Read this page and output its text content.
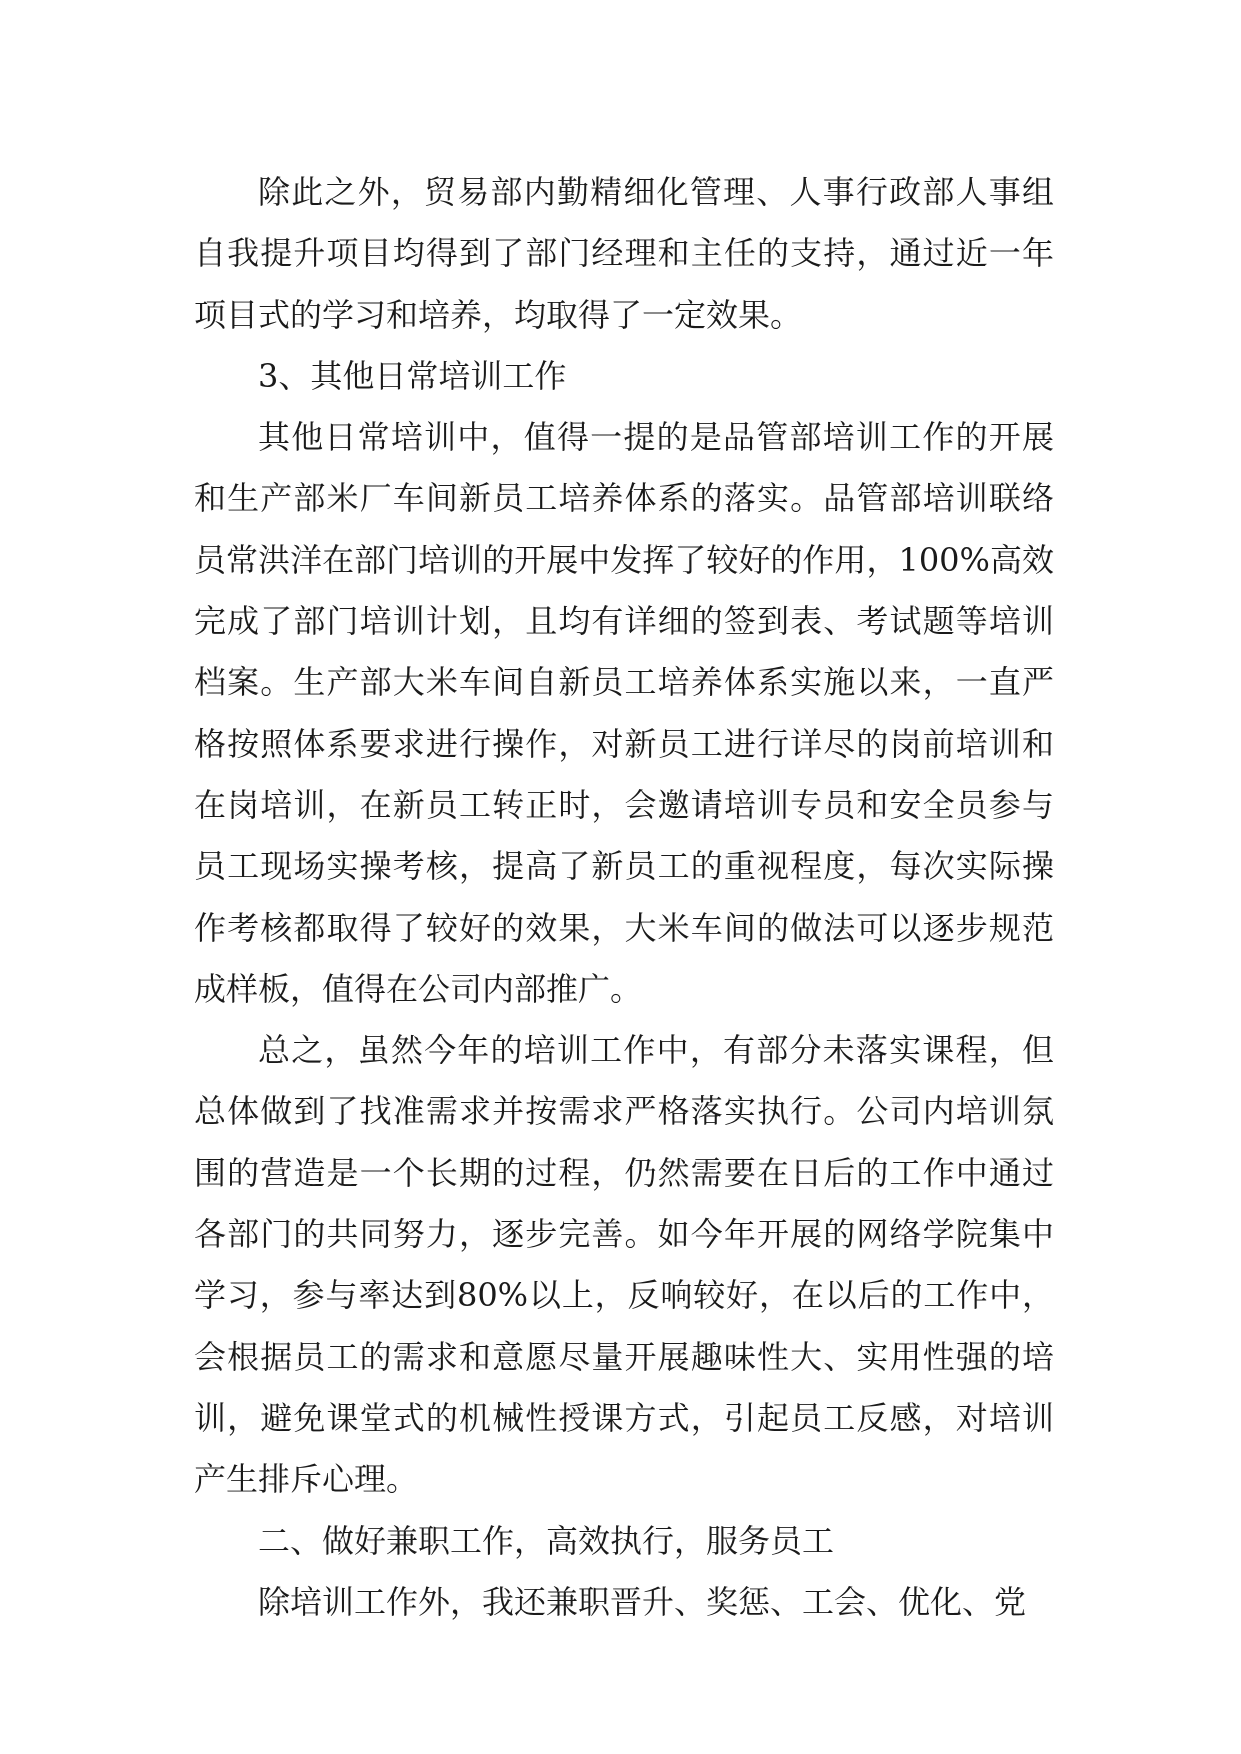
除此之外，贸易部内勤精细化管理、人事行政部人事组自我提升项目均得到了部门经理和主任的支持，通过近一年项目式的学习和培养，均取得了一定效果。

3、其他日常培训工作

其他日常培训中，值得一提的是品管部培训工作的开展和生产部米厂车间新员工培养体系的落实。品管部培训联络员常洪洋在部门培训的开展中发挥了较好的作用，100%高效完成了部门培训计划，且均有详细的签到表、考试题等培训档案。生产部大米车间自新员工培养体系实施以来，一直严格按照体系要求进行操作，对新员工进行详尽的岗前培训和在岗培训，在新员工转正时，会邀请培训专员和安全员参与员工现场实操考核，提高了新员工的重视程度，每次实际操作考核都取得了较好的效果，大米车间的做法可以逐步规范成样板，值得在公司内部推广。

总之，虽然今年的培训工作中，有部分未落实课程，但总体做到了找准需求并按需求严格落实执行。公司内培训氛围的营造是一个长期的过程，仍然需要在日后的工作中通过各部门的共同努力，逐步完善。如今年开展的网络学院集中学习，参与率达到80%以上，反响较好，在以后的工作中，会根据员工的需求和意愿尽量开展趣味性大、实用性强的培训，避免课堂式的机械性授课方式，引起员工反感，对培训产生排斥心理。

二、做好兼职工作，高效执行，服务员工

除培训工作外，我还兼职晋升、奖惩、工会、优化、党
